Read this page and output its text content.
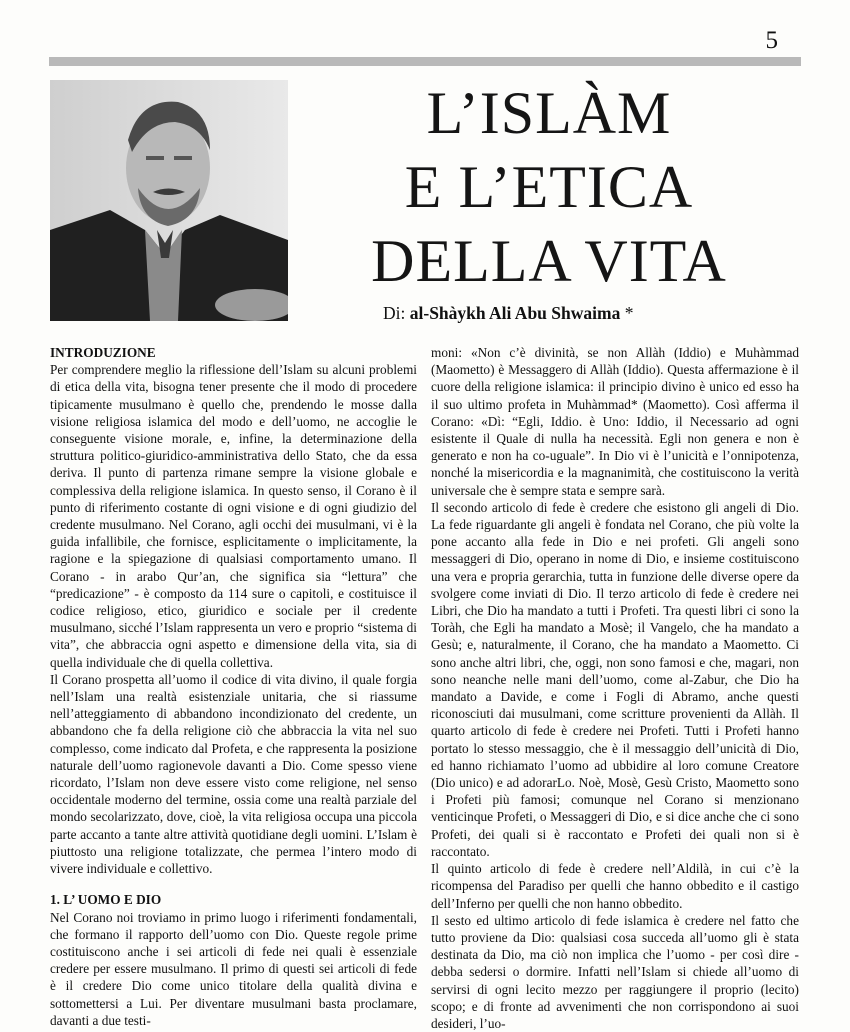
5
L’ISLÀM
E L’ETICA
DELLA VITA
Di: al-Shàykh Ali Abu Shwaima *
INTRODUZIONE

Per comprendere meglio la riflessione dell’Islam su alcuni problemi di etica della vita, bisogna tener presente che il modo di procedere tipicamente musulmano è quello che, prendendo le mosse dalla visione religiosa islamica del modo e dell’uomo, ne accoglie le conseguente visione morale, e, infine, la determinazione della struttura politico-giuridico-amministrativa dello Stato, che da essa deriva. Il punto di partenza rimane sempre la visione globale e complessiva della religione islamica. In questo senso, il Corano è il punto di riferimento costante di ogni visione e di ogni giudizio del credente musulmano. Nel Corano, agli occhi dei musulmani, vi è la guida infallibile, che fornisce, esplicitamente o implicitamente, la ragione e la spiegazione di qualsiasi comportamento umano. Il Corano - in arabo Qur’an, che significa sia “lettura” che “predicazione” - è composto da 114 sure o capitoli, e costituisce il codice religioso, etico, giuridico e sociale per il credente musulmano, sicché l’Islam rappresenta un vero e proprio “sistema di vita”, che abbraccia ogni aspetto e dimensione della vita, sia di quella individuale che di quella collettiva.

Il Corano prospetta all’uomo il codice di vita divino, il quale forgia nell’Islam una realtà esistenziale unitaria, che si riassume nell’atteggiamento di abbandono incondizionato del credente, un abbandono che fa della religione ciò che abbraccia la vita nel suo complesso, come indicato dal Profeta, e che rappresenta la posizione naturale dell’uomo ragionevole davanti a Dio. Come spesso viene ricordato, l’Islam non deve essere visto come religione, nel senso occidentale moderno del termine, ossia come una realtà parziale del mondo secolarizzato, dove, cioè, la vita religiosa occupa una piccola parte accanto a tante altre attività quotidiane degli uomini. L’Islam è piuttosto una religione totalizzate, che permea l’intero modo di vivere individuale e collettivo.

1. L’ UOMO E DIO

Nel Corano noi troviamo in primo luogo i riferimenti fondamentali, che formano il rapporto dell’uomo con Dio. Queste regole prime costituiscono anche i sei articoli di fede nei quali è essenziale credere per essere musulmano. Il primo di questi sei articoli di fede è il credere Dio come unico titolare della qualità divina e sottomettersi a Lui. Per diventare musulmani basta proclamare, davanti a due testi-

moni: «Non c’è divinità, se non Allàh (Iddio) e Muhàmmad (Maometto) è Messaggero di Allàh (Iddio). Questa affermazione è il cuore della religione islamica: il principio divino è unico ed esso ha il suo ultimo profeta in Muhàmmad* (Maometto). Così afferma il Corano: «Dì: “Egli, Iddio. è Uno: Iddio, il Necessario ad ogni esistente il Quale di nulla ha necessità. Egli non genera e non è generato e non ha co-uguale”. In Dio vi è l’unicità e l’onnipotenza, nonché la misericordia e la magnanimità, che costituiscono la verità universale che è sempre stata e sempre sarà.

Il secondo articolo di fede è credere che esistono gli angeli di Dio. La fede riguardante gli angeli è fondata nel Corano, che più volte la pone accanto alla fede in Dio e nei profeti. Gli angeli sono messaggeri di Dio, operano in nome di Dio, e insieme costituiscono una vera e propria gerarchia, tutta in funzione delle diverse opere da svolgere come inviati di Dio. Il terzo articolo di fede è credere nei Libri, che Dio ha mandato a tutti i Profeti. Tra questi libri ci sono la Toràh, che Egli ha mandato a Mosè; il Vangelo, che ha mandato a Gesù; e, naturalmente, il Corano, che ha mandato a Maometto. Ci sono anche altri libri, che, oggi, non sono famosi e che, magari, non sono neanche nelle mani dell’uomo, come al-Zabur, che Dio ha mandato a Davide, e come i Fogli di Abramo, anche questi riconosciuti dai musulmani, come scritture provenienti da Allàh. Il quarto articolo di fede è credere nei Profeti. Tutti i Profeti hanno portato lo stesso messaggio, che è il messaggio dell’unicità di Dio, ed hanno richiamato l’uomo ad ubbidire al loro comune Creatore (Dio unico) e ad adorarLo. Noè, Mosè, Gesù Cristo, Maometto sono i Profeti più famosi; comunque nel Corano si menzionano venticinque Profeti, o Messaggeri di Dio, e si dice anche che ci sono Profeti, dei quali si è raccontato e Profeti dei quali non si è raccontato.

Il quinto articolo di fede è credere nell’Aldilà, in cui c’è la ricompensa del Paradiso per quelli che hanno obbedito e il castigo dell’Inferno per quelli che non hanno obbedito.

Il sesto ed ultimo articolo di fede islamica è credere nel fatto che tutto proviene da Dio: qualsiasi cosa succeda all’uomo gli è stata destinata da Dio, ma ciò non implica che l’uomo - per così dire - debba sedersi o dormire. Infatti nell’Islam si chiede all’uomo di servirsi di ogni lecito mezzo per raggiungere il proprio (lecito) scopo; e di fronte ad avvenimenti che non corrispondono ai suoi desideri, l’uo-
